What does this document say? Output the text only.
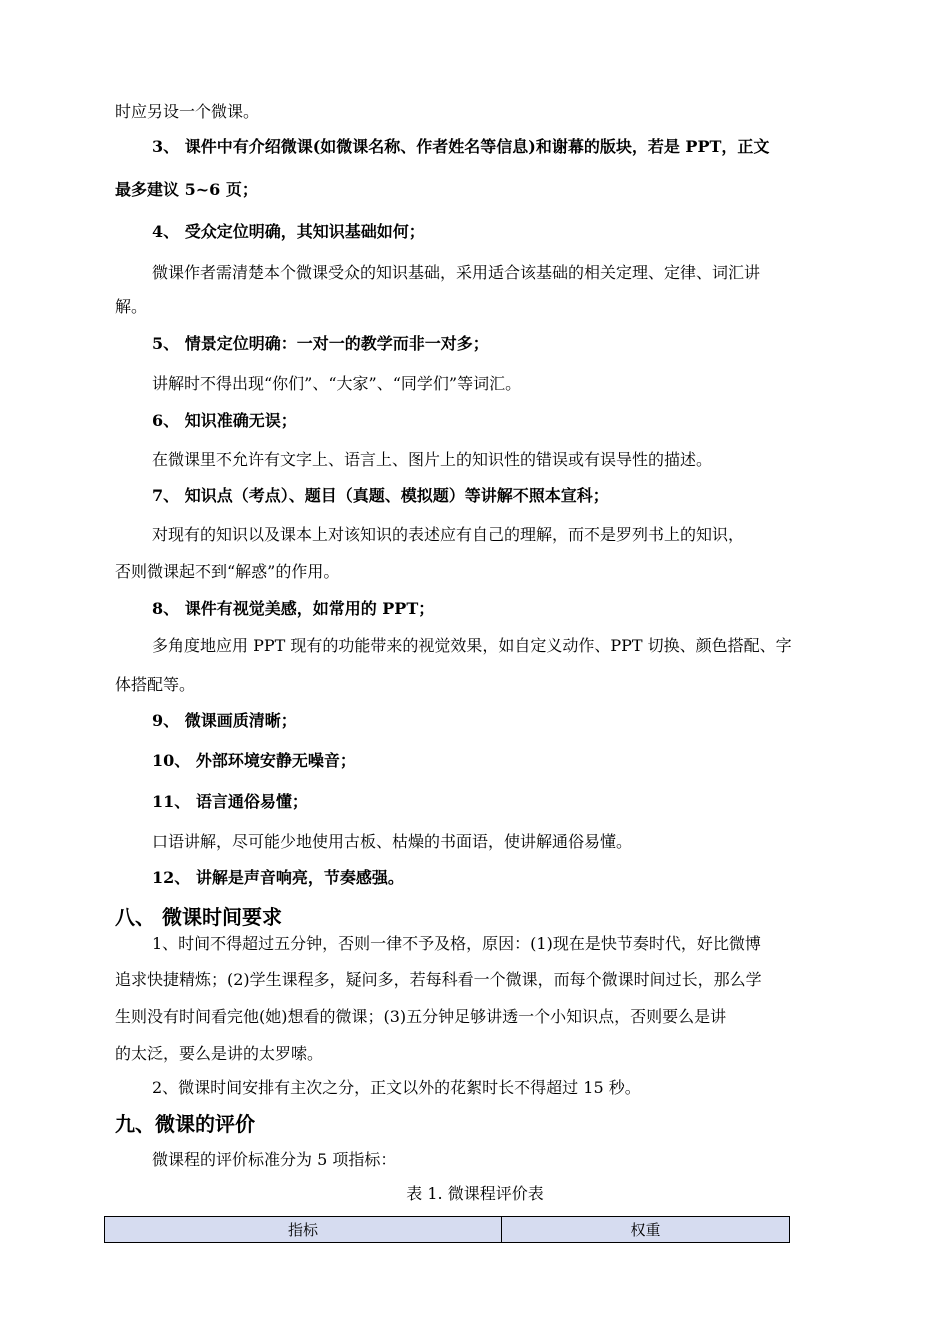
时应另设一个微课。
3、 课件中有介绍微课(如微课名称、作者姓名等信息)和谢幕的版块，若是 PPT，正文
最多建议 5~6 页；
4、 受众定位明确，其知识基础如何；
微课作者需清楚本个微课受众的知识基础，采用适合该基础的相关定理、定律、词汇讲
解。
5、 情景定位明确：一对一的教学而非一对多；
讲解时不得出现“你们”、“大家”、“同学们”等词汇。
6、 知识准确无误；
在微课里不允许有文字上、语言上、图片上的知识性的错误或有误导性的描述。
7、 知识点（考点）、题目（真题、模拟题）等讲解不照本宣科；
对现有的知识以及课本上对该知识的表述应有自己的理解，而不是罗列书上的知识，
否则微课起不到“解惑”的作用。
8、 课件有视觉美感，如常用的 PPT；
多角度地应用 PPT 现有的功能带来的视觉效果，如自定义动作、PPT 切换、颜色搭配、字
体搭配等。
9、 微课画质清晰；
10、 外部环境安静无噪音；
11、 语言通俗易懂；
口语讲解，尽可能少地使用古板、枯燥的书面语，使讲解通俗易懂。
12、 讲解是声音响亮，节奏感强。
八、 微课时间要求
1、时间不得超过五分钟，否则一律不予及格，原因：(1)现在是快节奏时代，好比微博
追求快捷精炼；(2)学生课程多，疑问多，若每科看一个微课，而每个微课时间过长，那么学
生则没有时间看完他(她)想看的微课；(3)五分钟足够讲透一个小知识点，否则要么是讲
的太泛，要么是讲的太罗嗦。
2、微课时间安排有主次之分，正文以外的花絮时长不得超过 15 秒。
九、微课的评价
微课程的评价标准分为 5 项指标：
表 1. 微课程评价表
指标	权重
